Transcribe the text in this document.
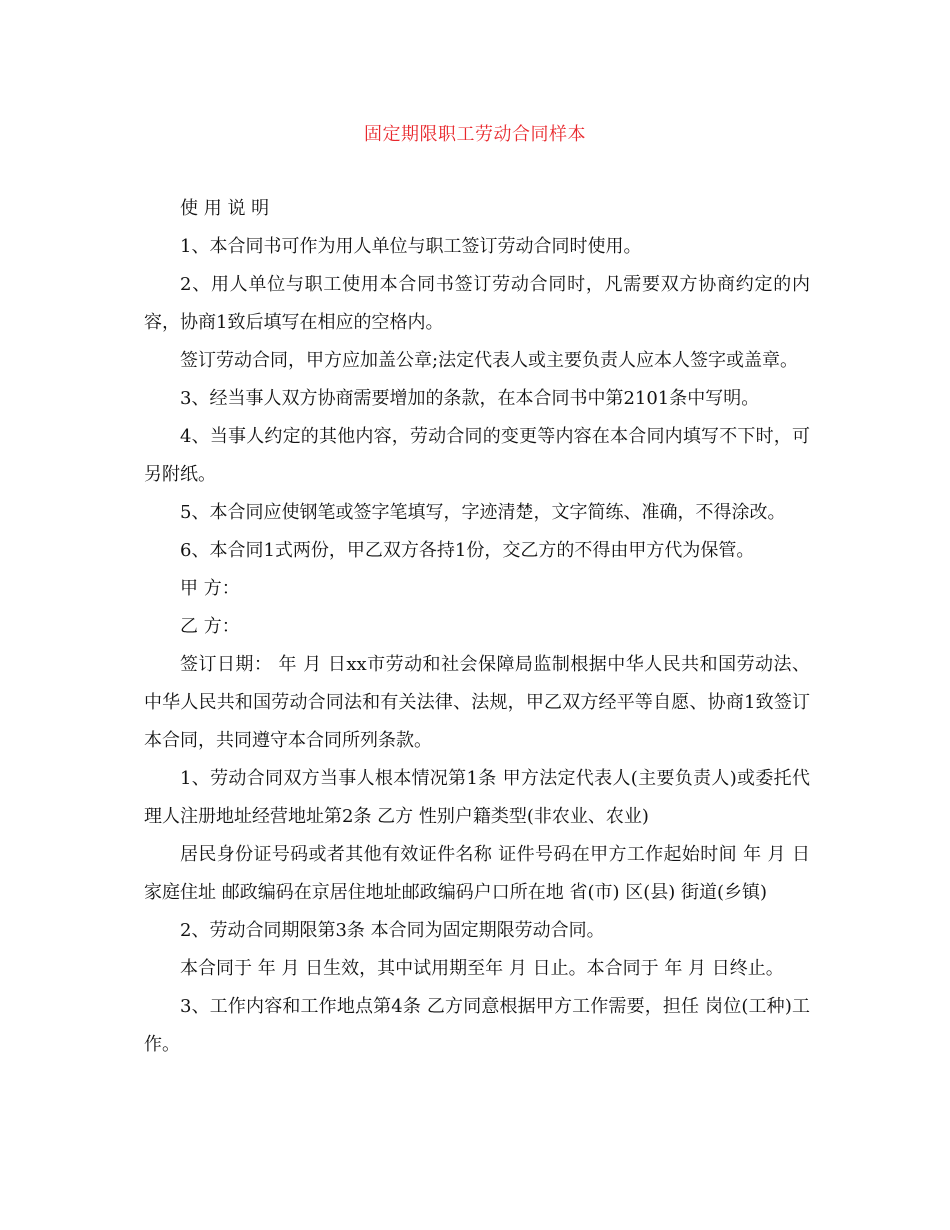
固定期限职工劳动合同样本

使 用 说 明

1、本合同书可作为用人单位与职工签订劳动合同时使用。

2、用人单位与职工使用本合同书签订劳动合同时，凡需要双方协商约定的内容，协商1致后填写在相应的空格内。

签订劳动合同，甲方应加盖公章;法定代表人或主要负责人应本人签字或盖章。

3、经当事人双方协商需要增加的条款，在本合同书中第2101条中写明。

4、当事人约定的其他内容，劳动合同的变更等内容在本合同内填写不下时，可另附纸。

5、本合同应使钢笔或签字笔填写，字迹清楚，文字简练、准确，不得涂改。

6、本合同1式两份，甲乙双方各持1份，交乙方的不得由甲方代为保管。

甲 方：

乙 方：

签订日期： 年 月 日xx市劳动和社会保障局监制根据中华人民共和国劳动法、中华人民共和国劳动合同法和有关法律、法规，甲乙双方经平等自愿、协商1致签订本合同，共同遵守本合同所列条款。

1、劳动合同双方当事人根本情况第1条 甲方法定代表人(主要负责人)或委托代理人注册地址经营地址第2条 乙方 性别户籍类型(非农业、农业)

居民身份证号码或者其他有效证件名称 证件号码在甲方工作起始时间 年 月 日家庭住址 邮政编码在京居住地址邮政编码户口所在地 省(市) 区(县) 街道(乡镇)

2、劳动合同期限第3条 本合同为固定期限劳动合同。

本合同于 年 月 日生效，其中试用期至年 月 日止。本合同于 年 月 日终止。

3、工作内容和工作地点第4条 乙方同意根据甲方工作需要，担任 岗位(工种)工作。
